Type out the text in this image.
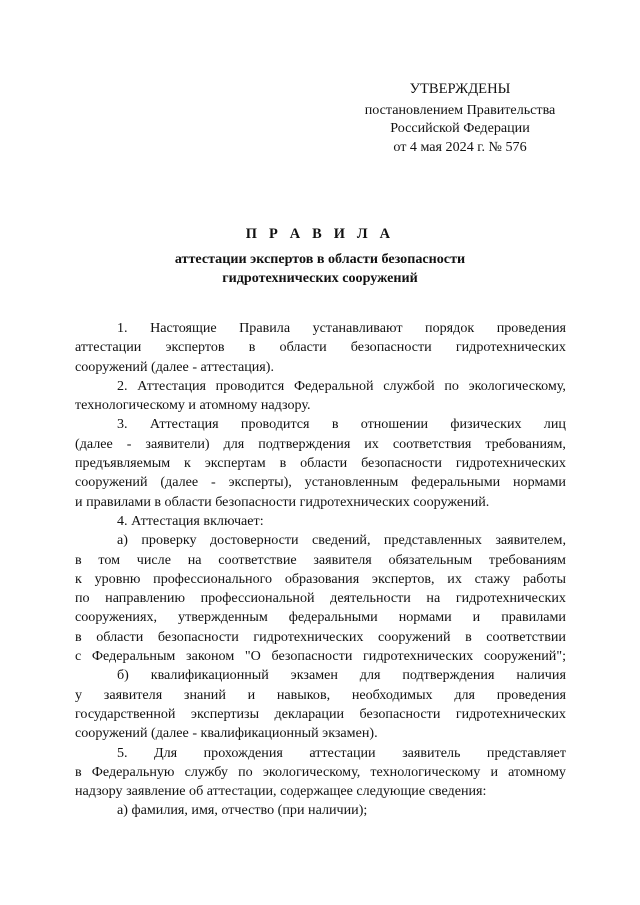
УТВЕРЖДЕНЫ
постановлением Правительства
Российской Федерации
от 4 мая 2024 г. № 576
П Р А В И Л А
аттестации экспертов в области безопасности
гидротехнических сооружений
1. Настоящие Правила устанавливают порядок проведения
аттестации экспертов в области безопасности гидротехнических
сооружений (далее - аттестация).
2. Аттестация проводится Федеральной службой по экологическому,
технологическому и атомному надзору.
3. Аттестация проводится в отношении физических лиц
(далее - заявители) для подтверждения их соответствия требованиям,
предъявляемым к экспертам в области безопасности гидротехнических
сооружений (далее - эксперты), установленным федеральными нормами
и правилами в области безопасности гидротехнических сооружений.
4. Аттестация включает:
а) проверку достоверности сведений, представленных заявителем,
в том числе на соответствие заявителя обязательным требованиям
к уровню профессионального образования экспертов, их стажу работы
по направлению профессиональной деятельности на гидротехнических
сооружениях, утвержденным федеральными нормами и правилами
в области безопасности гидротехнических сооружений в соответствии
с Федеральным законом "О безопасности гидротехнических сооружений";
б) квалификационный экзамен для подтверждения наличия
у заявителя знаний и навыков, необходимых для проведения
государственной экспертизы декларации безопасности гидротехнических
сооружений (далее - квалификационный экзамен).
5. Для прохождения аттестации заявитель представляет
в Федеральную службу по экологическому, технологическому и атомному
надзору заявление об аттестации, содержащее следующие сведения:
а) фамилия, имя, отчество (при наличии);
